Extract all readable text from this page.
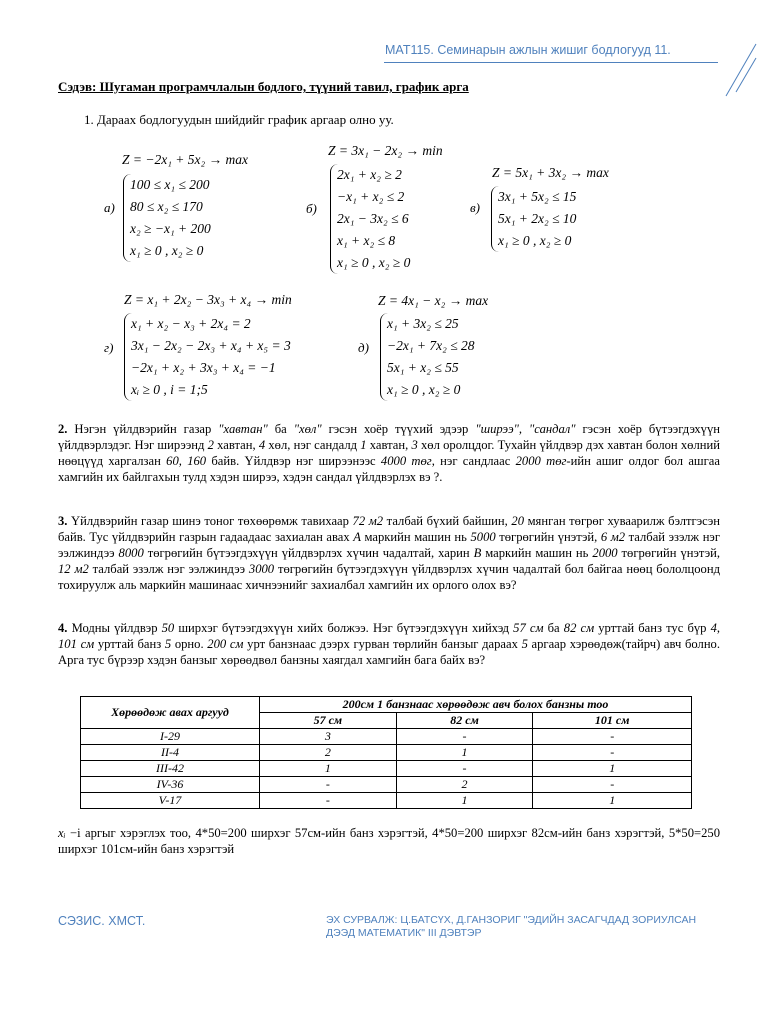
MAT115. Семинарын ажлын жишиг бодлогууд 11.
Сэдэв: Шугаман програмчлалын бодлого, түүний тавил, график арга
1. Дараах бодлогуудын шийдийг график аргаар олно уу.
Z = −2x₁ + 5x₂ → max
a)
100 ≤ x₁ ≤ 200
80 ≤ x₂ ≤ 170
x₂ ≥ −x₁ + 200
x₁ ≥ 0 , x₂ ≥ 0
Z = 3x₁ − 2x₂ → min
б)
2x₁ + x₂ ≥ 2
−x₁ + x₂ ≤ 2
2x₁ − 3x₂ ≤ 6
x₁ + x₂ ≤ 8
x₁ ≥ 0 , x₂ ≥ 0
Z = 5x₁ + 3x₂ → max
в)
3x₁ + 5x₂ ≤ 15
5x₁ + 2x₂ ≤ 10
x₁ ≥ 0 , x₂ ≥ 0
Z = x₁ + 2x₂ − 3x₃ + x₄ → min
г)
x₁ + x₂ − x₃ + 2x₄ = 2
3x₁ − 2x₂ − 2x₃ + x₄ + x₅ = 3
−2x₁ + x₂ + 3x₃ + x₄ = −1
xᵢ ≥ 0 , i = 1;5
Z = 4x₁ − x₂ → max
д)
x₁ + 3x₂ ≤ 25
−2x₁ + 7x₂ ≤ 28
5x₁ + x₂ ≤ 55
x₁ ≥ 0 , x₂ ≥ 0
2. Нэгэн үйлдвэрийн газар "хавтан" ба "хөл" гэсэн хоёр түүхий эдээр "ширээ", "сандал" гэсэн хоёр бүтээгдэхүүн үйлдвэрлэдэг. Нэг ширээнд 2 хавтан, 4 хөл, нэг сандалд 1 хавтан, 3 хөл оролцдог. Тухайн үйлдвэр дэх хавтан болон хөлний нөөцүүд харгалзан 60, 160 байв. Үйлдвэр нэг ширээнээс 4000 төг, нэг сандлаас 2000 төг-ийн ашиг олдог бол ашгаа хамгийн их байлгахын тулд хэдэн ширээ, хэдэн сандал үйлдвэрлэх вэ ?.
3. Үйлдвэрийн газар шинэ тоног төхөөрөмж тавихаар 72 м2 талбай бүхий байшин, 20 мянган төгрөг хуваарилж бэлтгэсэн байв. Тус үйлдвэрийн газрын гадаадаас захиалан авах A маркийн машин нь 5000 төгрөгийн үнэтэй, 6 м2 талбай эзэлж нэг ээлжиндээ 8000 төгрөгийн бүтээгдэхүүн үйлдвэрлэх хүчин чадалтай, харин B маркийн машин нь 2000 төгрөгийн үнэтэй, 12 м2 талбай эзэлж нэг ээлжиндээ 3000 төгрөгийн бүтээгдэхүүн үйлдвэрлэх хүчин чадалтай бол байгаа нөөц бололцоонд тохируулж аль маркийн машинаас хичнээнийг захиалбал хамгийн их орлого олох вэ?
4. Модны үйлдвэр 50 ширхэг бүтээгдэхүүн хийх болжээ. Нэг бүтээгдэхүүн хийхэд 57 см ба 82 см урттай банз тус бүр 4, 101 см урттай банз 5 орно. 200 см урт банзнаас дээрх гурван төрлийн банзыг дараах 5 аргаар хэрөөдөж(тайрч) авч болно. Арга тус бүрээр хэдэн банзыг хөрөөдвөл банзны хаягдал хамгийн бага байх вэ?
Хөрөөдөж авах аргууд	200см 1 банзнаас хөрөөдөж авч болох банзны тоо		
	57 см	82 см	101 см
I-29	3	-	-
II-4	2	1	-
III-42	1	-	1
IV-36	-	2	-
V-17	-	1	1
xᵢ −i аргыг хэрэглэх тоо, 4*50=200 ширхэг 57см-ийн банз хэрэгтэй, 4*50=200 ширхэг 82см-ийн банз хэрэгтэй, 5*50=250 ширхэг 101см-ийн банз хэрэгтэй
СЭЗИС. ХМСТ.	ЭХ СУРВАЛЖ: Ц.БАТСҮХ, Д.ГАНЗОРИГ "ЭДИЙН ЗАСАГЧДАД ЗОРИУЛСАН ДЭЭД МАТЕМАТИК" III ДЭВТЭР
